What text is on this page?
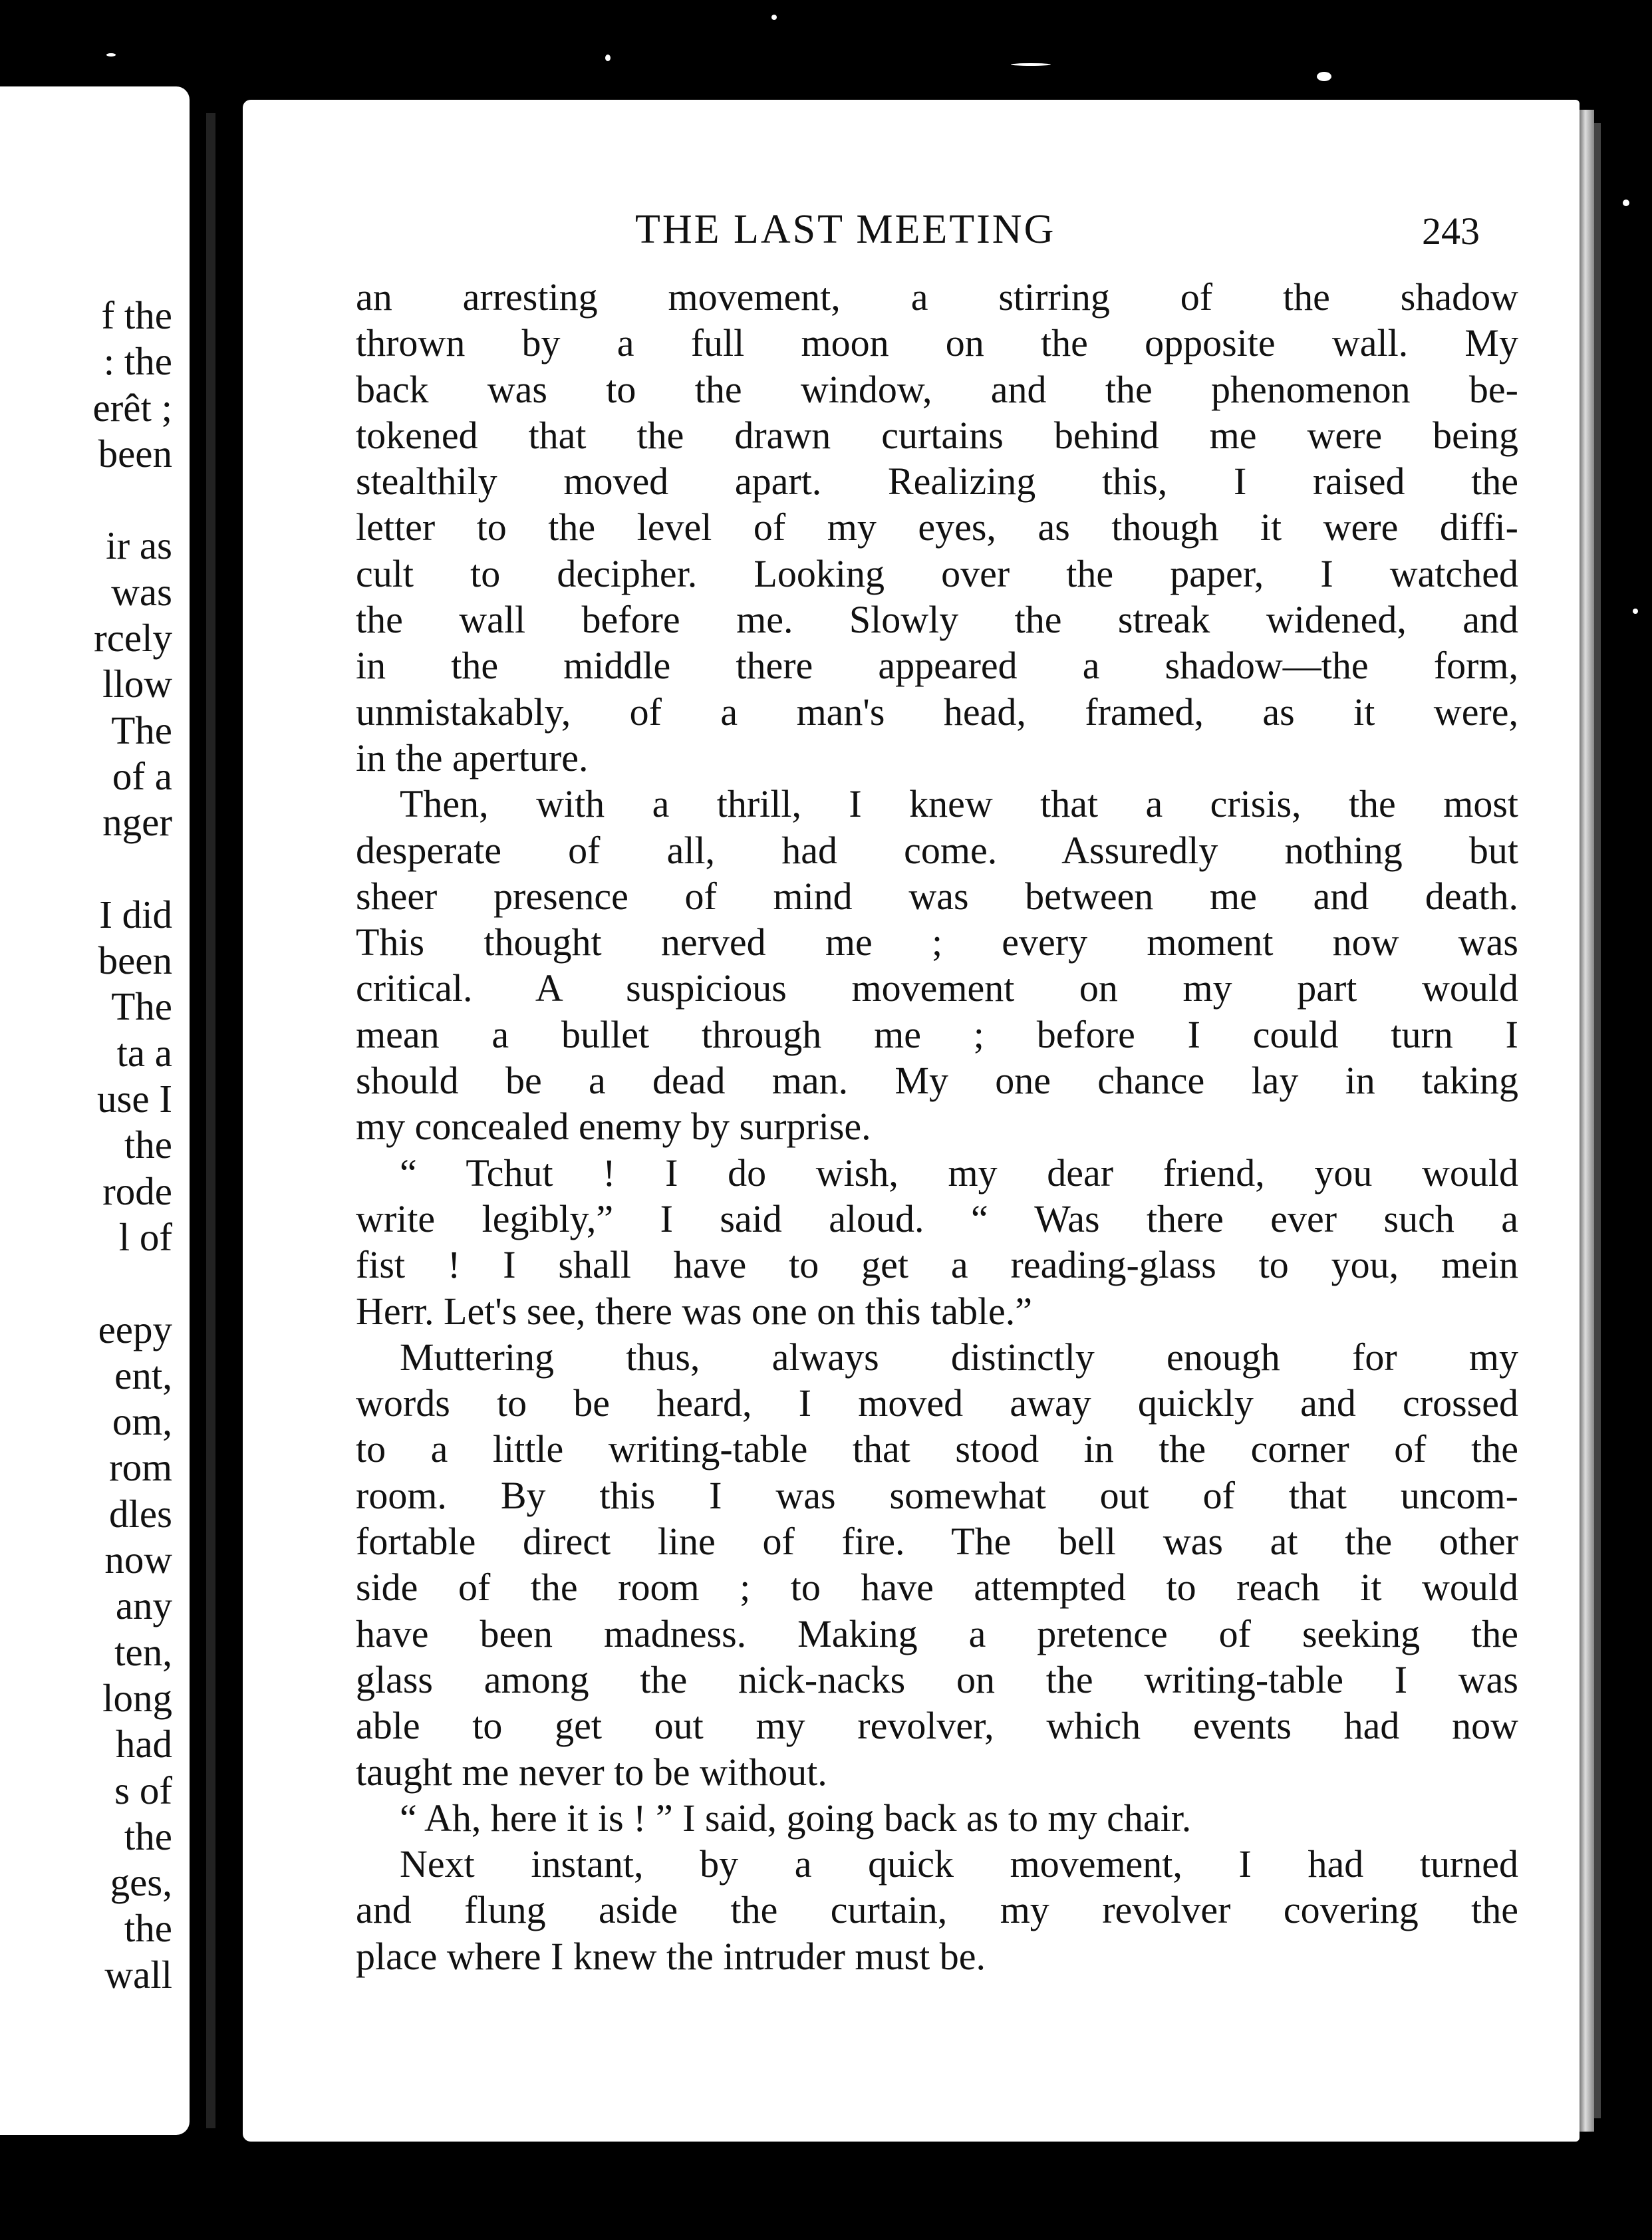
f the
: the
erêt ;
been
ir as
was
rcely
llow
The
of a
nger
I did
been
The
ta a
use I
the
rode
l of
eepy
ent,
om,
rom
dles
now
any
ten,
long
had
s of
the
ges,
the
wall
THE LAST MEETING	243
an arresting movement, a stirring of the shadow
thrown by a full moon on the opposite wall. My
back was to the window, and the phenomenon be-
tokened that the drawn curtains behind me were being
stealthily moved apart. Realizing this, I raised the
letter to the level of my eyes, as though it were diffi-
cult to decipher. Looking over the paper, I watched
the wall before me. Slowly the streak widened, and
in the middle there appeared a shadow—the form,
unmistakably, of a man's head, framed, as it were,
in the aperture.
Then, with a thrill, I knew that a crisis, the most
desperate of all, had come. Assuredly nothing but
sheer presence of mind was between me and death.
This thought nerved me ; every moment now was
critical. A suspicious movement on my part would
mean a bullet through me ; before I could turn I
should be a dead man. My one chance lay in taking
my concealed enemy by surprise.
“ Tchut ! I do wish, my dear friend, you would
write legibly,” I said aloud. “ Was there ever such a
fist ! I shall have to get a reading-glass to you, mein
Herr. Let's see, there was one on this table.”
Muttering thus, always distinctly enough for my
words to be heard, I moved away quickly and crossed
to a little writing-table that stood in the corner of the
room. By this I was somewhat out of that uncom-
fortable direct line of fire. The bell was at the other
side of the room ; to have attempted to reach it would
have been madness. Making a pretence of seeking the
glass among the nick-nacks on the writing-table I was
able to get out my revolver, which events had now
taught me never to be without.
“ Ah, here it is ! ” I said, going back as to my chair.
Next instant, by a quick movement, I had turned
and flung aside the curtain, my revolver covering the
place where I knew the intruder must be.
